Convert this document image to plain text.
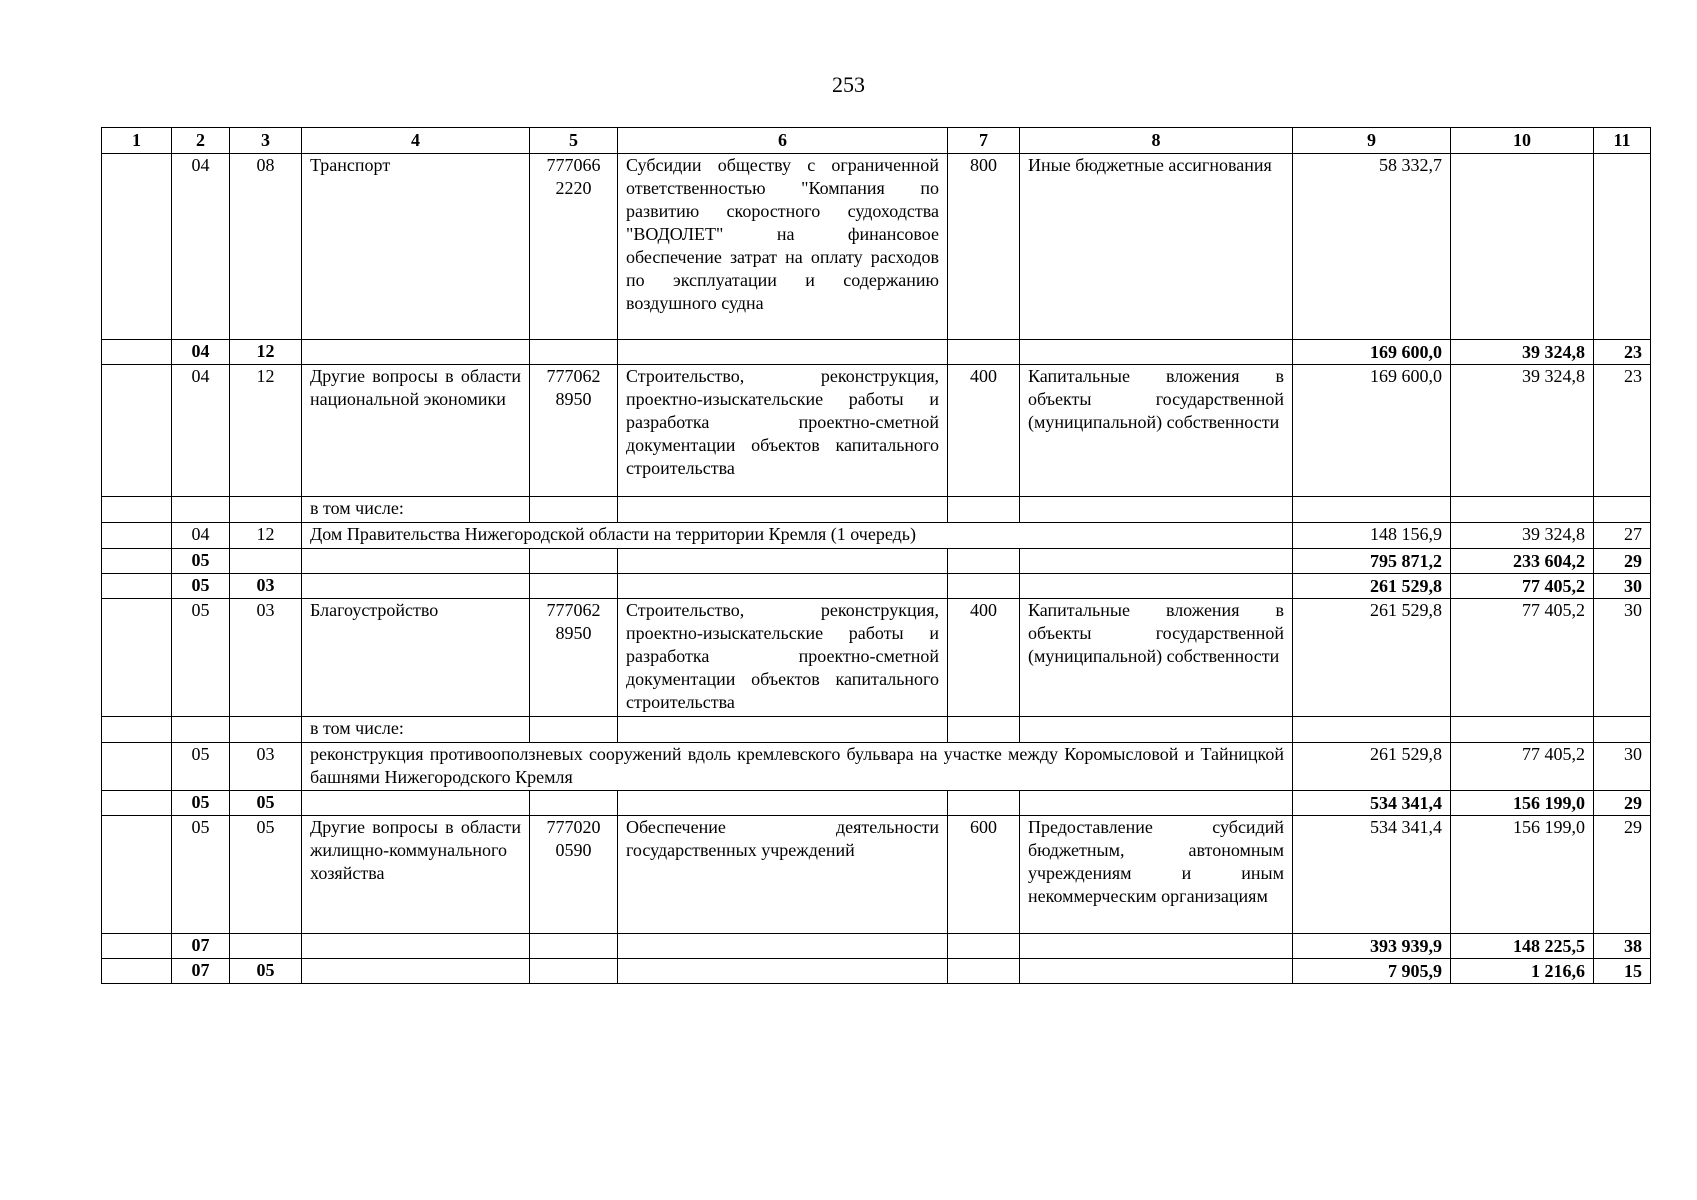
253
1	2	3	4	5	6	7	8	9	10	11
	04	08	Транспорт	777066 2220	Субсидии обществу с ограниченной ответственностью "Компания по развитию скоростного судоходства "ВОДОЛЕТ" на финансовое обеспечение затрат на оплату расходов по эксплуатации и содержанию воздушного судна	800	Иные бюджетные ассигнования	58 332,7		
	04	12						169 600,0	39 324,8	23
	04	12	Другие вопросы в области национальной экономики	777062 8950	Строительство, реконструкция, проектно-изыскательские работы и разработка проектно-сметной документации объектов капитального строительства	400	Капитальные вложения в объекты государственной (муниципальной) собственности	169 600,0	39 324,8	23
			в том числе:							
	04	12	Дом Правительства Нижегородской области на территории Кремля (1 очередь)					148 156,9	39 324,8	27
	05							795 871,2	233 604,2	29
	05	03						261 529,8	77 405,2	30
	05	03	Благоустройство	777062 8950	Строительство, реконструкция, проектно-изыскательские работы и разработка проектно-сметной документации объектов капитального строительства	400	Капитальные вложения в объекты государственной (муниципальной) собственности	261 529,8	77 405,2	30
			в том числе:							
	05	03	реконструкция противооползневых сооружений вдоль кремлевского бульвара на участке между Коромысловой и Тайницкой башнями Нижегородского Кремля					261 529,8	77 405,2	30
	05	05						534 341,4	156 199,0	29
	05	05	Другие вопросы в области жилищно-коммунального хозяйства	777020 0590	Обеспечение деятельности государственных учреждений	600	Предоставление субсидий бюджетным, автономным учреждениям и иным некоммерческим организациям	534 341,4	156 199,0	29
	07							393 939,9	148 225,5	38
	07	05						7 905,9	1 216,6	15
